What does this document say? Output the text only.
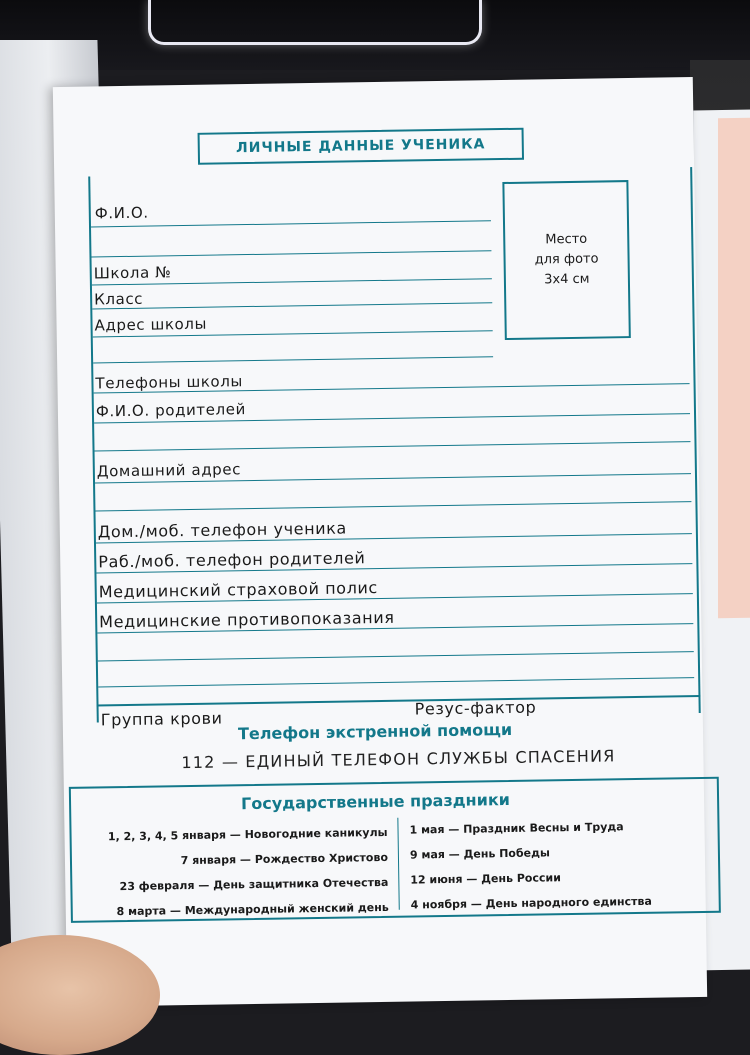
ЛИЧНЫЕ ДАННЫЕ УЧЕНИКА
Место
для фото
3х4 см
Ф.И.О.
Школа №
Класс
Адрес школы
Телефоны школы
Ф.И.О. родителей
Домашний адрес
Дом./моб. телефон ученика
Раб./моб. телефон родителей
Медицинский страховой полис
Медицинские противопоказания
Группа крови
Резус-фактор
Телефон экстренной помощи
112 — ЕДИНЫЙ ТЕЛЕФОН СЛУЖБЫ СПАСЕНИЯ
Государственные праздники
1, 2, 3, 4, 5 января — Новогодние каникулы
7 января — Рождество Христово
23 февраля — День защитника Отечества
8 марта — Международный женский день
1 мая — Праздник Весны и Труда
9 мая — День Победы
12 июня — День России
4 ноября — День народного единства
